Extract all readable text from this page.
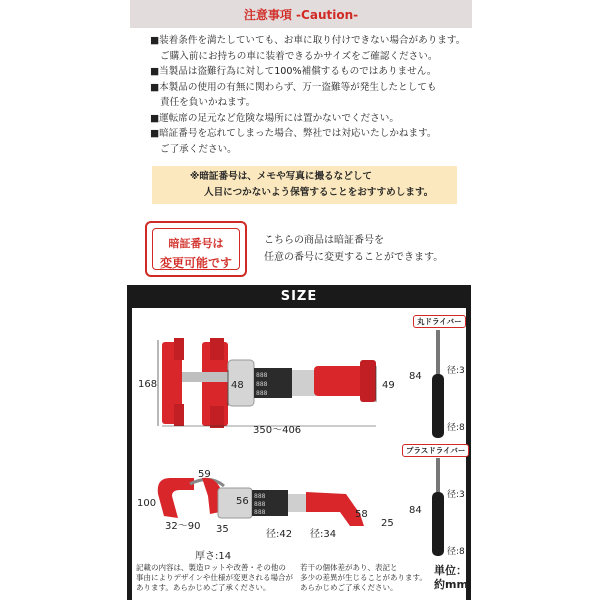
注意事項 -Caution-
■装着条件を満たしていても、お車に取り付けできない場合があります。
ご購入前にお持ちの車に装着できるかサイズをご確認ください。
■当製品は盗難行為に対して100%補償するものではありません。
■本製品の使用の有無に関わらず、万一盗難等が発生したとしても
責任を負いかねます。
■運転席の足元など危険な場所には置かないでください。
■暗証番号を忘れてしまった場合、弊社では対応いたしかねます。
ご了承ください。
※暗証番号は、メモや写真に撮るなどして
人目につかないよう保管することをおすすめします。
暗証番号は
変更可能です
こちらの商品は暗証番号を
任意の番号に変更することができます。
SIZE
888
888
888
168	48	49
350～406
888
888
888
100
59
32～90 35
56
径:42 径:34
58
25
厚さ:14
丸ドライバー
84	径:3
径:8
プラスドライバー
84
径:3
径:8
記載の内容は、製造ロットや改善・その他の
事由によりデザインや仕様が変更される場合が
あります。あらかじめご了承ください。
若干の個体差があり、表記と
多少の差異が生じることがあります。
あらかじめご了承ください。
単位：
約mm
